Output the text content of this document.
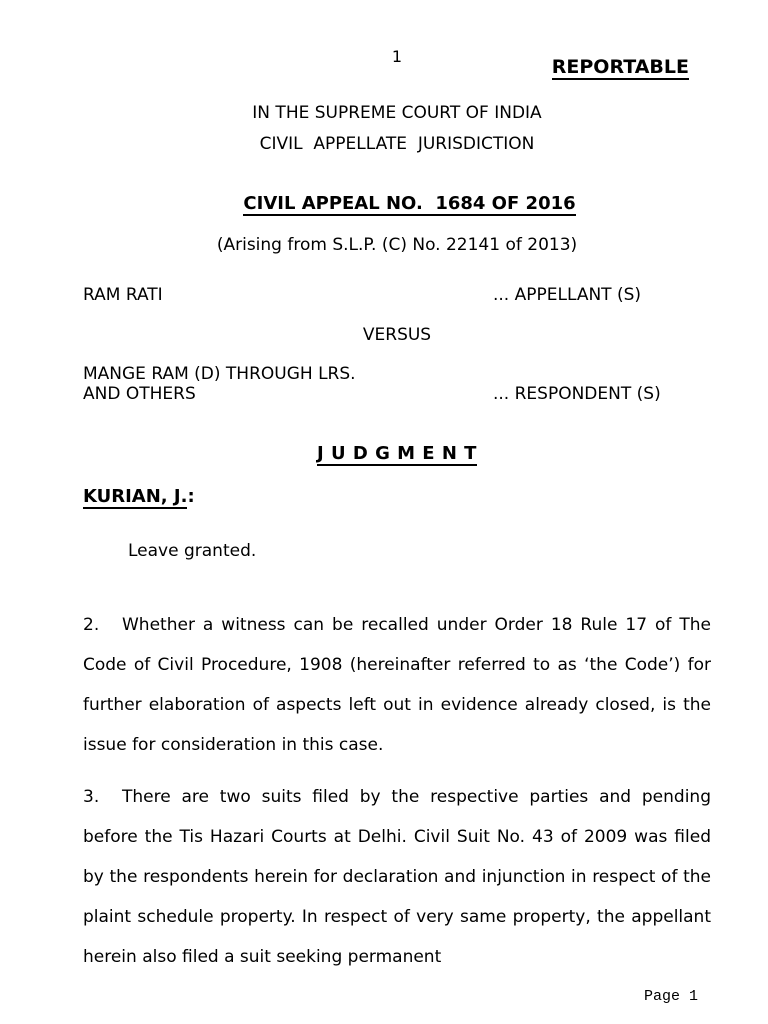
1	REPORTABLE
IN THE SUPREME COURT OF INDIA
CIVIL  APPELLATE  JURISDICTION

CIVIL APPEAL NO.  1684 OF 2016

(Arising from S.L.P. (C) No. 22141 of 2013)
RAM RATI	... APPELLANT (S)
VERSUS
MANGE RAM (D) THROUGH LRS.
AND OTHERS	... RESPONDENT (S)
J U D G M E N T
KURIAN, J.:

Leave granted.

2. Whether a witness can be recalled under Order 18 Rule 17 of The Code of Civil Procedure, 1908 (hereinafter referred to as ‘the Code’) for further elaboration of aspects left out in evidence already closed, is the issue for consideration in this case.

3. There are two suits filed by the respective parties and pending before the Tis Hazari Courts at Delhi. Civil Suit No. 43 of 2009 was filed by the respondents herein for declaration and injunction in respect of the plaint schedule property. In respect of very same property, the appellant herein also filed a suit seeking permanent

Page 1
